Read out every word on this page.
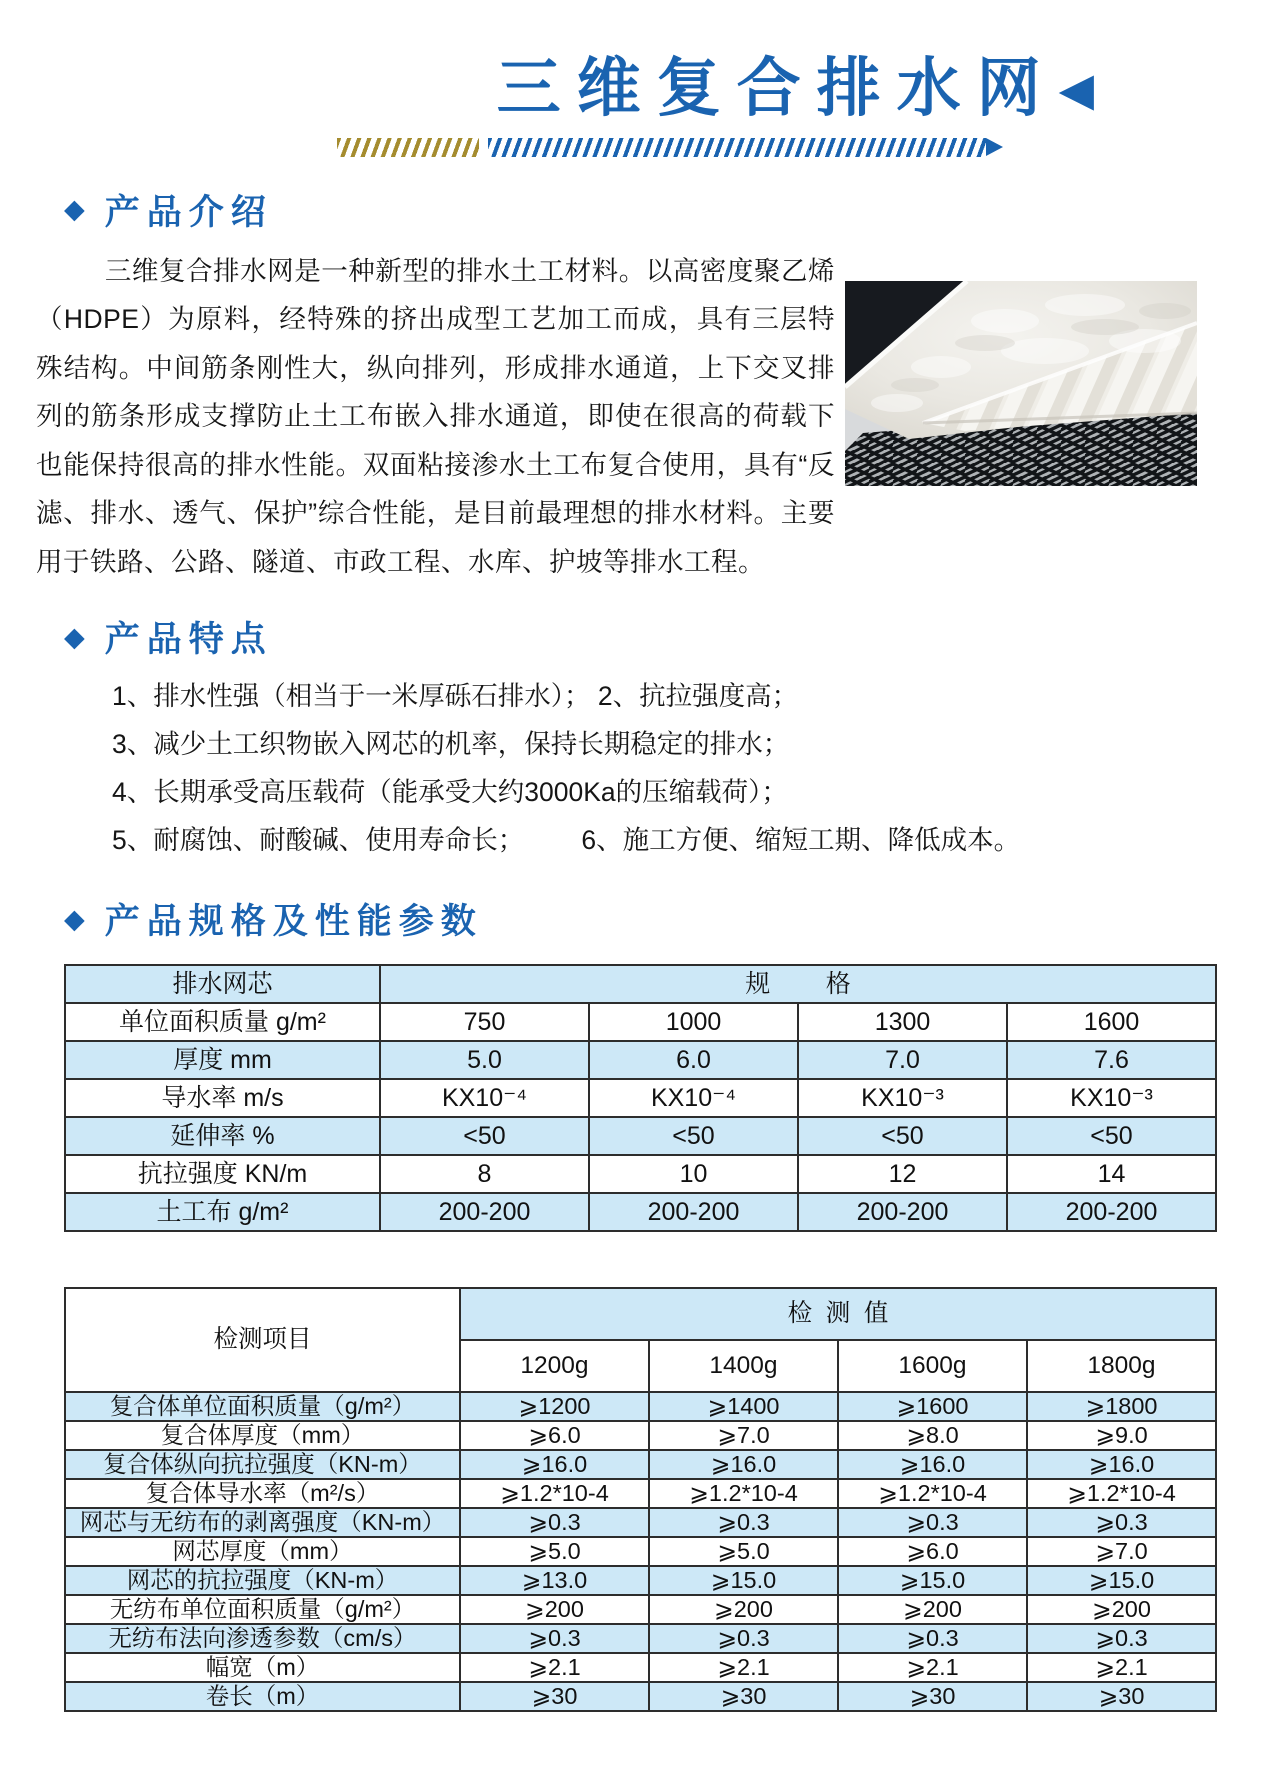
三维复合排水网 ◀
◆ 产品介绍

三维复合排水网是一种新型的排水土工材料。以高密度聚乙烯（HDPE）为原料，经特殊的挤出成型工艺加工而成，具有三层特殊结构。中间筋条刚性大，纵向排列，形成排水通道，上下交叉排列的筋条形成支撑防止土工布嵌入排水通道，即使在很高的荷载下也能保持很高的排水性能。双面粘接渗水土工布复合使用，具有“反滤、排水、透气、保护”综合性能，是目前最理想的排水材料。主要用于铁路、公路、隧道、市政工程、水库、护坡等排水工程。

◆ 产品特点
1、排水性强（相当于一米厚砾石排水）； 2、抗拉强度高；
3、减少土工织物嵌入网芯的机率，保持长期稳定的排水；
4、长期承受高压载荷（能承受大约3000Ka的压缩载荷）；
5、耐腐蚀、耐酸碱、使用寿命长； 6、施工方便、缩短工期、降低成本。
◆ 产品规格及性能参数
排水网芯	规        格			
单位面积质量 g/m²	750	1000	1300	1600
厚度 mm	5.0	6.0	7.0	7.6
导水率 m/s	KX10⁻⁴	KX10⁻⁴	KX10⁻³	KX10⁻³
延伸率 %	<50	<50	<50	<50
抗拉强度 KN/m	8	10	12	14
土工布 g/m²	200-200	200-200	200-200	200-200
检测项目	检  测  值			
	1200g	1400g	1600g	1800g
复合体单位面积质量（g/m²）	⩾1200	⩾1400	⩾1600	⩾1800
复合体厚度（mm）	⩾6.0	⩾7.0	⩾8.0	⩾9.0
复合体纵向抗拉强度（KN-m）	⩾16.0	⩾16.0	⩾16.0	⩾16.0
复合体导水率（m²/s）	⩾1.2*10-4	⩾1.2*10-4	⩾1.2*10-4	⩾1.2*10-4
网芯与无纺布的剥离强度（KN-m）	⩾0.3	⩾0.3	⩾0.3	⩾0.3
网芯厚度（mm）	⩾5.0	⩾5.0	⩾6.0	⩾7.0
网芯的抗拉强度（KN-m）	⩾13.0	⩾15.0	⩾15.0	⩾15.0
无纺布单位面积质量（g/m²）	⩾200	⩾200	⩾200	⩾200
无纺布法向渗透参数（cm/s）	⩾0.3	⩾0.3	⩾0.3	⩾0.3
幅宽（m）	⩾2.1	⩾2.1	⩾2.1	⩾2.1
卷长（m）	⩾30	⩾30	⩾30	⩾30
